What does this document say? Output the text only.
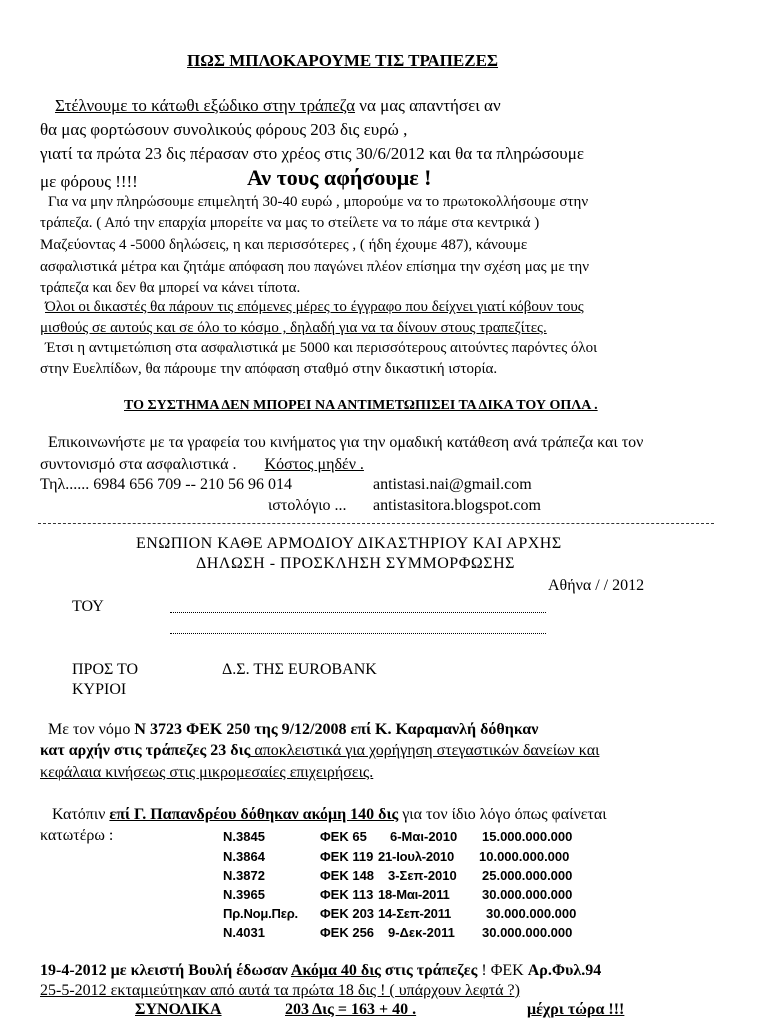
ΠΩΣ ΜΠΛΟΚΑΡΟΥΜΕ ΤΙΣ ΤΡΑΠΕΖΕΣ
Στέλνουμε το κάτωθι εξώδικο στην τράπεζα να μας απαντήσει αν
θα μας φορτώσουν συνολικούς φόρους 203 δις ευρώ ,
γιατί τα πρώτα 23 δις πέρασαν στο χρέος στις 30/6/2012 και θα τα πληρώσουμε
με φόρους !!!!	Αν τους αφήσουμε !
Για να μην πληρώσουμε επιμελητή 30-40 ευρώ , μπορούμε να το πρωτοκολλήσουμε στην
τράπεζα. ( Από την επαρχία μπορείτε να μας το στείλετε να το πάμε στα κεντρικά )
Μαζεύοντας 4 -5000 δηλώσεις, η και περισσότερες , ( ήδη έχουμε 487), κάνουμε
ασφαλιστικά μέτρα και ζητάμε απόφαση που παγώνει πλέον επίσημα την σχέση μας με την
τράπεζα και δεν θα μπορεί να κάνει τίποτα.
Όλοι οι δικαστές θα πάρουν τις επόμενες μέρες το έγγραφο που δείχνει γιατί κόβουν τους
μισθούς σε αυτούς και σε όλο το κόσμο , δηλαδή για να τα δίνουν στους τραπεζίτες.
Έτσι η αντιμετώπιση στα ασφαλιστικά με 5000 και περισσότερους αιτούντες παρόντες όλοι
στην Ευελπίδων, θα πάρουμε την απόφαση σταθμό στην δικαστική ιστορία.
ΤΟ ΣΥΣΤΗΜΑ ΔΕΝ ΜΠΟΡΕΙ ΝΑ ΑΝΤΙΜΕΤΩΠΙΣΕΙ ΤΑ ΔΙΚΑ ΤΟΥ ΟΠΛΑ .
Επικοινωνήστε με τα γραφεία του κινήματος για την ομαδική κατάθεση ανά τράπεζα και τον
συντονισμό στα ασφαλιστικά . Κόστος μηδέν .
Τηλ...... 6984 656 709 -- 210 56 96 014	antistasi.nai@gmail.com
ιστολόγιο ... antistasitora.blogspot.com
ΕΝΩΠΙΟΝ ΚΑΘΕ ΑΡΜΟΔΙΟΥ ΔΙΚΑΣΤΗΡΙΟΥ ΚΑΙ ΑΡΧΗΣ
ΔΗΛΩΣΗ - ΠΡΟΣΚΛΗΣΗ ΣΥΜΜΟΡΦΩΣΗΣ
Αθήνα / / 2012
ΤΟΥ
ΠΡΟΣ ΤΟ	Δ.Σ. ΤΗΣ EUROBANK
ΚΥΡΙΟΙ
Με τον νόμο Ν 3723 ΦΕΚ 250 της 9/12/2008 επί Κ. Καραμανλή δόθηκαν
κατ αρχήν στις τράπεζες 23 δις αποκλειστικά για χορήγηση στεγαστικών δανείων και
κεφάλαια κινήσεως στις μικρομεσαίες επιχειρήσεις.
Κατόπιν επί Γ. Παπανδρέου δόθηκαν ακόμη 140 δις για τον ίδιο λόγο όπως φαίνεται
κατωτέρω :	Ν.3845	ΦΕΚ 65 6-Μαι-2010 15.000.000.000
Ν.3864	ΦΕΚ 119 21-Ιουλ-2010 10.000.000.000
Ν.3872	ΦΕΚ 148 3-Σεπ-2010 25.000.000.000
Ν.3965	ΦΕΚ 113 18-Μαι-2011 30.000.000.000
Πρ.Νομ.Περ. ΦΕΚ 203 14-Σεπ-2011	30.000.000.000
Ν.4031	ΦΕΚ 256 9-Δεκ-2011 30.000.000.000
19-4-2012 με κλειστή Βουλή έδωσαν Ακόμα 40 δις στις τράπεζες ! ΦΕΚ Αρ.Φυλ.94
25-5-2012 εκταμιεύτηκαν από αυτά τα πρώτα 18 δις ! ( υπάρχουν λεφτά ?)
ΣΥΝΟΛΙΚΑ	203 Δις = 163 + 40 .	μέχρι τώρα !!!
